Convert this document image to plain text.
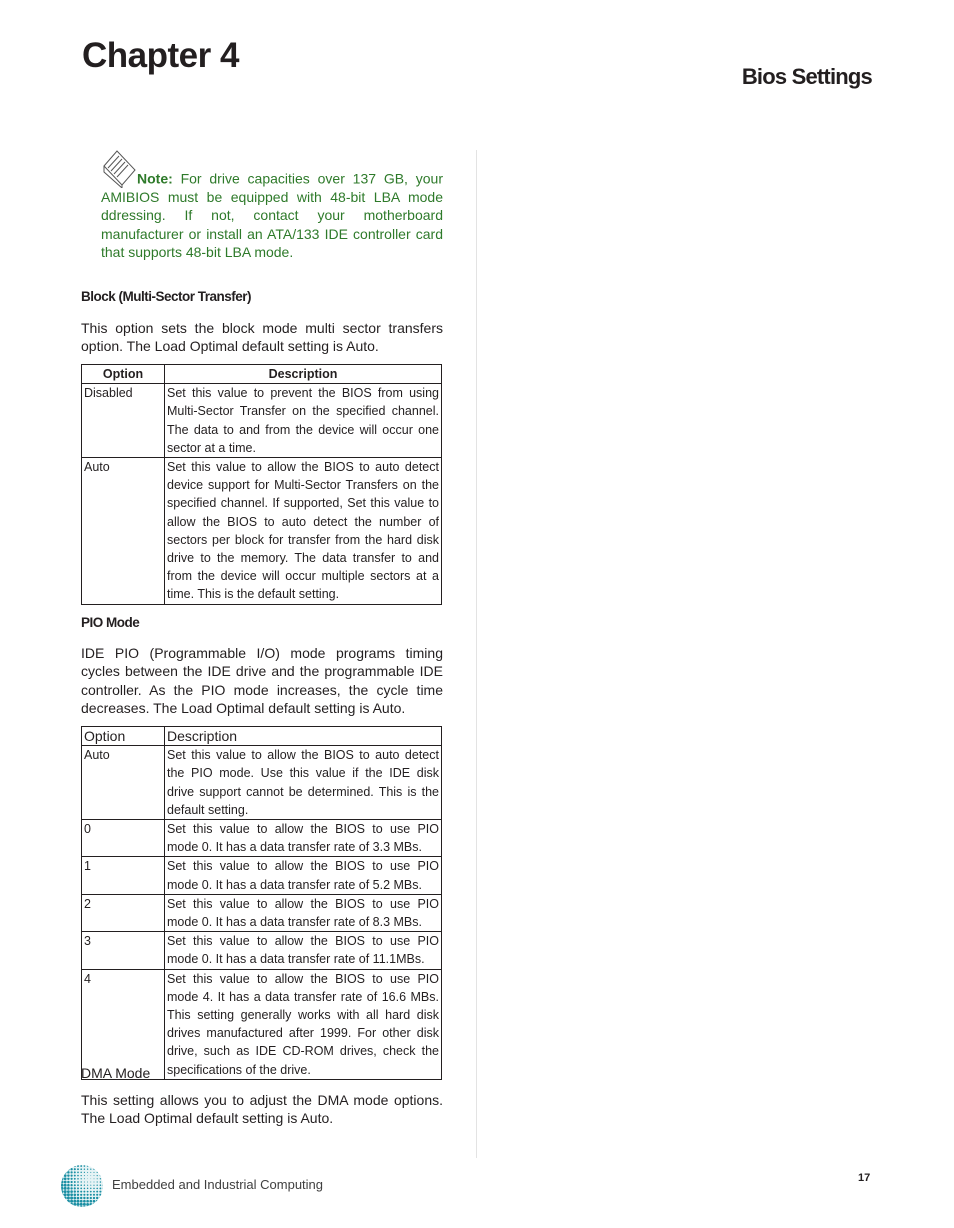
Chapter 4
Bios Settings
Note: For drive capacities over 137 GB, your AMIBIOS must be equipped with 48-bit LBA mode ddressing. If not, contact your motherboard manufacturer or install an ATA/133 IDE controller card that supports 48-bit LBA mode.
Block (Multi-Sector Transfer)

This option sets the block mode multi sector transfers option. The Load Optimal default setting is Auto.

Option	Description
Disabled	Set this value to prevent the BIOS from using Multi-Sector Transfer on the specified channel. The data to and from the device will occur one sector at a time.
Auto	Set this value to allow the BIOS to auto detect device support for Multi-Sector Transfers on the specified channel. If supported, Set this value to allow the BIOS to auto detect the number of sectors per block for transfer from the hard disk drive to the memory. The data transfer to and from the device will occur multiple sectors at a time. This is the default setting.
PIO Mode

IDE PIO (Programmable I/O) mode programs timing cycles between the IDE drive and the programmable IDE controller. As the PIO mode increases, the cycle time decreases. The Load Optimal default setting is Auto.

Option	Description
Auto	Set this value to allow the BIOS to auto detect the PIO mode. Use this value if the IDE disk drive support cannot be determined. This is the default setting.
0	Set this value to allow the BIOS to use PIO mode 0. It has a data transfer rate of 3.3 MBs.
1	Set this value to allow the BIOS to use PIO mode 0. It has a data transfer rate of 5.2 MBs.
2	Set this value to allow the BIOS to use PIO mode 0. It has a data transfer rate of 8.3 MBs.
3	Set this value to allow the BIOS to use PIO mode 0. It has a data transfer rate of 11.1MBs.
4	Set this value to allow the BIOS to use PIO mode 4. It has a data transfer rate of 16.6 MBs. This setting generally works with all hard disk drives manufactured after 1999. For other disk drive, such as IDE CD-ROM drives, check the specifications of the drive.

DMA Mode

This setting allows you to adjust the DMA mode options. The Load Optimal default setting is Auto.

Embedded and Industrial Computing	17
